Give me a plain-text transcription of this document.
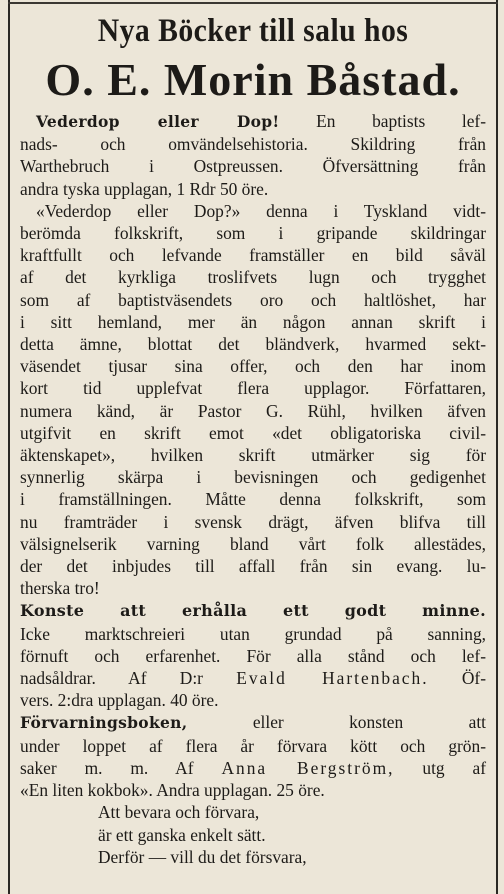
Nya Böcker till salu hos
O. E. Morin Båstad.

Vederdop eller Dop! En baptists lef-

nads- och omvändelsehistoria. Skildring från

Warthebruch i Ostpreussen. Öfversättning från

andra tyska upplagan, 1 Rdr 50 öre.

«Vederdop eller Dop?» denna i Tyskland vidt-

berömda folkskrift, som i gripande skildringar

kraftfullt och lefvande framställer en bild såväl

af det kyrkliga troslifvets lugn och trygghet

som af baptistväsendets oro och haltlöshet, har

i sitt hemland, mer än någon annan skrift i

detta ämne, blottat det bländverk, hvarmed sekt-

väsendet tjusar sina offer, och den har inom

kort tid upplefvat flera upplagor. Författaren,

numera känd, är Pastor G. Rühl, hvilken äfven

utgifvit en skrift emot «det obligatoriska civil-

äktenskapet», hvilken skrift utmärker sig för

synnerlig skärpa i bevisningen och gedigenhet

i framställningen. Måtte denna folkskrift, som

nu framträder i svensk drägt, äfven blifva till

välsignelserik varning bland vårt folk allestädes,

der det inbjudes till affall från sin evang. lu-

therska tro!

Konste att erhålla ett godt minne.

Icke marktschreieri utan grundad på sanning,

förnuft och erfarenhet. För alla stånd och lef-

nadsåldrar. Af D:r Evald Hartenbach. Öf-

vers. 2:dra upplagan. 40 öre.

Förvarningsboken, eller konsten att

under loppet af flera år förvara kött och grön-

saker m. m. Af Anna Bergström, utg af

«En liten kokbok». Andra upplagan. 25 öre.

Att bevara och förvara,

är ett ganska enkelt sätt.

Derför — vill du det försvara,
